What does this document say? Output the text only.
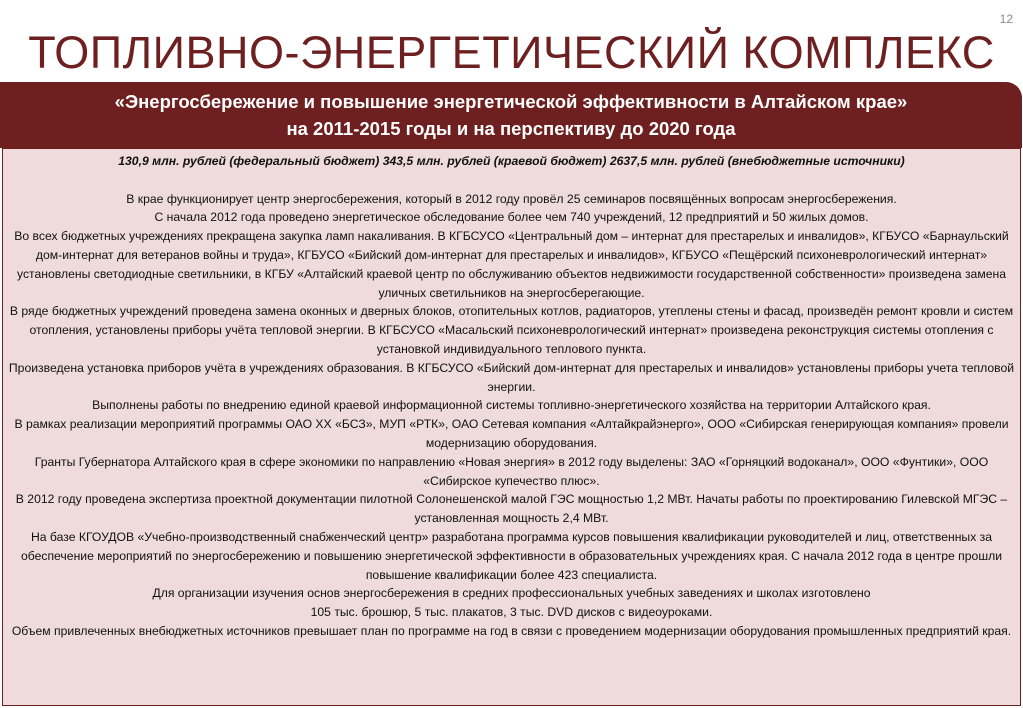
12
ТОПЛИВНО-ЭНЕРГЕТИЧЕСКИЙ КОМПЛЕКС
«Энергосбережение и повышение энергетической эффективности в Алтайском крае»
на 2011-2015 годы и на перспективу до 2020 года

130,9 млн. рублей (федеральный бюджет) 343,5 млн. рублей (краевой бюджет) 2637,5 млн. рублей (внебюджетные источники)

В крае функционирует центр энергосбережения, который в 2012 году провёл 25 семинаров посвящённых вопросам энергосбережения.

С начала 2012 года проведено энергетическое обследование более чем 740 учреждений, 12 предприятий и 50 жилых домов.

Во всех бюджетных учреждениях прекращена закупка ламп накаливания. В КГБСУСО «Центральный дом – интернат для престарелых и инвалидов», КГБУСО «Барнаульский дом-интернат для ветеранов войны и труда», КГБУСО «Бийский дом-интернат для престарелых и инвалидов», КГБУСО «Пещёрский психоневрологический интернат» установлены светодиодные светильники, в КГБУ «Алтайский краевой центр по обслуживанию объектов недвижимости государственной собственности» произведена замена уличных светильников на энергосберегающие.

В ряде бюджетных учреждений проведена замена оконных и дверных блоков, отопительных котлов, радиаторов, утеплены стены и фасад, произведён ремонт кровли и систем отопления, установлены приборы учёта тепловой энергии. В КГБСУСО «Масальский психоневрологический интернат» произведена реконструкция системы отопления с установкой индивидуального теплового пункта.

Произведена установка приборов учёта в учреждениях образования. В КГБСУСО «Бийский дом-интернат для престарелых и инвалидов» установлены приборы учета тепловой энергии.

Выполнены работы по внедрению единой краевой информационной системы топливно-энергетического хозяйства на территории Алтайского края.

В рамках реализации мероприятий программы ОАО ХХ «БСЗ», МУП «РТК», ОАО Сетевая компания «Алтайкрайэнерго», ООО «Сибирская генерирующая компания» провели модернизацию оборудования.

Гранты Губернатора Алтайского края в сфере экономики по направлению «Новая энергия» в 2012 году выделены: ЗАО «Горняцкий водоканал», ООО «Фунтики», ООО «Сибирское купечество плюс».

В 2012 году проведена экспертиза проектной документации пилотной Солонешенской малой ГЭС мощностью 1,2 МВт. Начаты работы по проектированию Гилевской МГЭС – установленная мощность 2,4 МВт.

На базе КГОУДОВ «Учебно-производственный снабженческий центр» разработана программа курсов повышения квалификации руководителей и лиц, ответственных за обеспечение мероприятий по энергосбережению и повышению энергетической эффективности в образовательных учреждениях края. С начала 2012 года в центре прошли повышение квалификации более 423 специалиста.

Для организации изучения основ энергосбережения в средних профессиональных учебных заведениях и школах изготовлено

105 тыс. брошюр, 5 тыс. плакатов, 3 тыс. DVD дисков с видеоуроками.

Объем привлеченных внебюджетных источников превышает план по программе на год в связи с проведением модернизации оборудования промышленных предприятий края.
